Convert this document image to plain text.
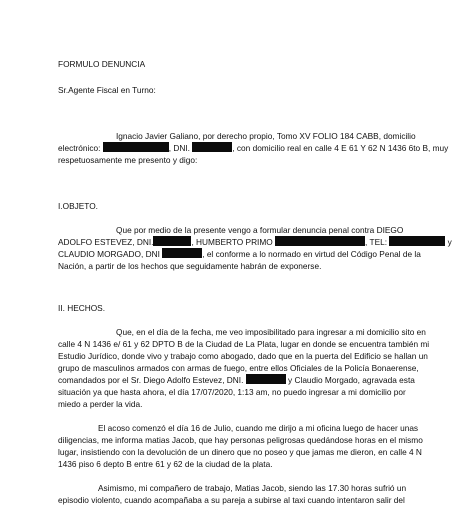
FORMULO DENUNCIA
Sr.Agente Fiscal en Turno:
Ignacio Javier Galiano, por derecho propio, Tomo XV FOLIO 184 CABB, domicilio
electrónico:	, DNI.	, con domicilio real en calle 4 E 61 Y 62 N 1436 6to B, muy
respetuosamente me presento y digo:
I.OBJETO.
Que por medio de la presente vengo a formular denuncia penal contra DIEGO
ADOLFO ESTEVEZ, DNI.	, HUMBERTO PRIMO	, TEL:	y
CLAUDIO MORGADO, DNI	, el conforme a lo normado en virtud del Código Penal de la
Nación, a partir de los hechos que seguidamente habrán de exponerse.
II. HECHOS.
Que, en el día de la fecha, me veo imposibilitado para ingresar a mi domicilio sito en
calle 4 N 1436 e/ 61 y 62 DPTO B de la Ciudad de La Plata, lugar en donde se encuentra también mi
Estudio Jurídico, donde vivo y trabajo como abogado, dado que en la puerta del Edificio se hallan un
grupo de masculinos armados con armas de fuego, entre ellos Oficiales de la Policía Bonaerense,
comandados por el Sr. Diego Adolfo Estevez, DNI.	y Claudio Morgado, agravada esta
situación ya que hasta ahora, el día 17/07/2020, 1:13 am, no puedo ingresar a mi domicilio por
miedo a perder la vida.
El acoso comenzó el día 16 de Julio, cuando me dirijo a mi oficina luego de hacer unas
diligencias, me informa matias Jacob, que hay personas peligrosas quedándose horas en el mismo
lugar, insistiendo con la devolución de un dinero que no poseo y que jamas me dieron, en calle 4 N
1436 piso 6 depto B entre 61 y 62 de la ciudad de la plata.
Asimismo, mi compañero de trabajo, Matias Jacob, siendo las 17.30 horas sufrió un
episodio violento, cuando acompañaba a su pareja a subirse al taxi cuando intentaron salir del
